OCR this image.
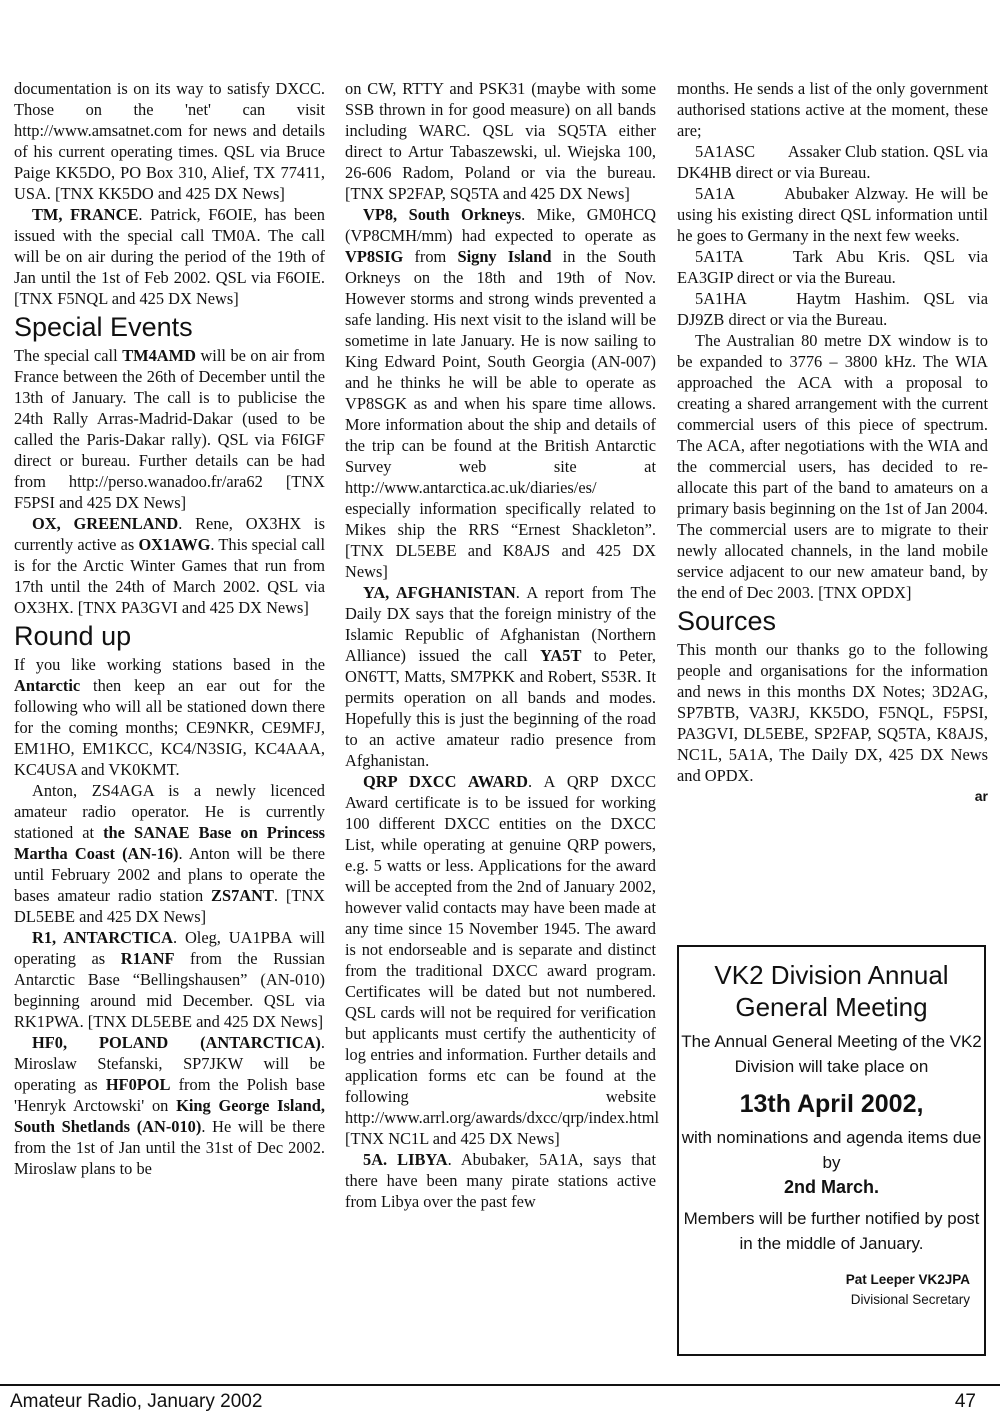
documentation is on its way to satisfy DXCC. Those on the 'net' can visit http://www.amsatnet.com for news and details of his current operating times. QSL via Bruce Paige KK5DO, PO Box 310, Alief, TX 77411, USA. [TNX KK5DO and 425 DX News]

TM, FRANCE. Patrick, F6OIE, has been issued with the special call TM0A. The call will be on air during the period of the 19th of Jan until the 1st of Feb 2002. QSL via F6OIE. [TNX F5NQL and 425 DX News]

Special Events

The special call TM4AMD will be on air from France between the 26th of December until the 13th of January. The call is to publicise the 24th Rally Arras-Madrid-Dakar (used to be called the Paris-Dakar rally). QSL via F6IGF direct or bureau. Further details can be had from http://perso.wanadoo.fr/ara62 [TNX F5PSI and 425 DX News]

OX, GREENLAND. Rene, OX3HX is currently active as OX1AWG. This special call is for the Arctic Winter Games that run from 17th until the 24th of March 2002. QSL via OX3HX. [TNX PA3GVI and 425 DX News]

Round up

If you like working stations based in the Antarctic then keep an ear out for the following who will all be stationed down there for the coming months; CE9NKR, CE9MFJ, EM1HO, EM1KCC, KC4/N3SIG, KC4AAA, KC4USA and VK0KMT.

Anton, ZS4AGA is a newly licenced amateur radio operator. He is currently stationed at the SANAE Base on Princess Martha Coast (AN-16). Anton will be there until February 2002 and plans to operate the bases amateur radio station ZS7ANT. [TNX DL5EBE and 425 DX News]

R1, ANTARCTICA. Oleg, UA1PBA will operating as R1ANF from the Russian Antarctic Base “Bellingshausen” (AN-010) beginning around mid December. QSL via RK1PWA. [TNX DL5EBE and 425 DX News]

HF0, POLAND (ANTARCTICA). Miroslaw Stefanski, SP7JKW will be operating as HF0POL from the Polish base 'Henryk Arctowski' on King George Island, South Shetlands (AN-010). He will be there from the 1st of Jan until the 31st of Dec 2002. Miroslaw plans to be

on CW, RTTY and PSK31 (maybe with some SSB thrown in for good measure) on all bands including WARC. QSL via SQ5TA either direct to Artur Tabaszewski, ul. Wiejska 100, 26-606 Radom, Poland or via the bureau. [TNX SP2FAP, SQ5TA and 425 DX News]

VP8, South Orkneys. Mike, GM0HCQ (VP8CMH/mm) had expected to operate as VP8SIG from Signy Island in the South Orkneys on the 18th and 19th of Nov. However storms and strong winds prevented a safe landing. His next visit to the island will be sometime in late January. He is now sailing to King Edward Point, South Georgia (AN-007) and he thinks he will be able to operate as VP8SGK as and when his spare time allows. More information about the ship and details of the trip can be found at the British Antarctic Survey web site at http://www.antarctica.ac.uk/diaries/es/ especially information specifically related to Mikes ship the RRS “Ernest Shackleton”. [TNX DL5EBE and K8AJS and 425 DX News]

YA, AFGHANISTAN. A report from The Daily DX says that the foreign ministry of the Islamic Republic of Afghanistan (Northern Alliance) issued the call YA5T to Peter, ON6TT, Matts, SM7PKK and Robert, S53R. It permits operation on all bands and modes. Hopefully this is just the beginning of the road to an active amateur radio presence from Afghanistan.

QRP DXCC AWARD. A QRP DXCC Award certificate is to be issued for working 100 different DXCC entities on the DXCC List, while operating at genuine QRP powers, e.g. 5 watts or less. Applications for the award will be accepted from the 2nd of January 2002, however valid contacts may have been made at any time since 15 November 1945. The award is not endorseable and is separate and distinct from the traditional DXCC award program. Certificates will be dated but not numbered. QSL cards will not be required for verification but applicants must certify the authenticity of log entries and information. Further details and application forms etc can be found at the following website http://www.arrl.org/awards/dxcc/qrp/index.html [TNX NC1L and 425 DX News]

5A. LIBYA. Abubaker, 5A1A, says that there have been many pirate stations active from Libya over the past few

months. He sends a list of the only government authorised stations active at the moment, these are;

5A1ASC  Assaker Club station. QSL via DK4HB direct or via Bureau.

5A1A   Abubaker Alzway. He will be using his existing direct QSL information until he goes to Germany in the next few weeks.

5A1TA   Tark Abu Kris. QSL via EA3GIP direct or via the Bureau.

5A1HA   Haytm Hashim. QSL via DJ9ZB direct or via the Bureau.

The Australian 80 metre DX window is to be expanded to 3776 – 3800 kHz. The WIA approached the ACA with a proposal to creating a shared arrangement with the current commercial users of this piece of spectrum. The ACA, after negotiations with the WIA and the commercial users, has decided to re-allocate this part of the band to amateurs on a primary basis beginning on the 1st of Jan 2004. The commercial users are to migrate to their newly allocated channels, in the land mobile service adjacent to our new amateur band, by the end of Dec 2003. [TNX OPDX]

Sources

This month our thanks go to the following people and organisations for the information and news in this months DX Notes; 3D2AG, SP7BTB, VA3RJ, KK5DO, F5NQL, F5PSI, PA3GVI, DL5EBE, SP2FAP, SQ5TA, K8AJS, NC1L, 5A1A, The Daily DX, 425 DX News and OPDX.

ar

VK2 Division Annual General Meeting

The Annual General Meeting of the VK2 Division will take place on

13th April 2002,

with nominations and agenda items due by

2nd March.

Members will be further notified by post in the middle of January.

Pat Leeper VK2JPA
Divisional Secretary
Amateur Radio, January 2002	47
